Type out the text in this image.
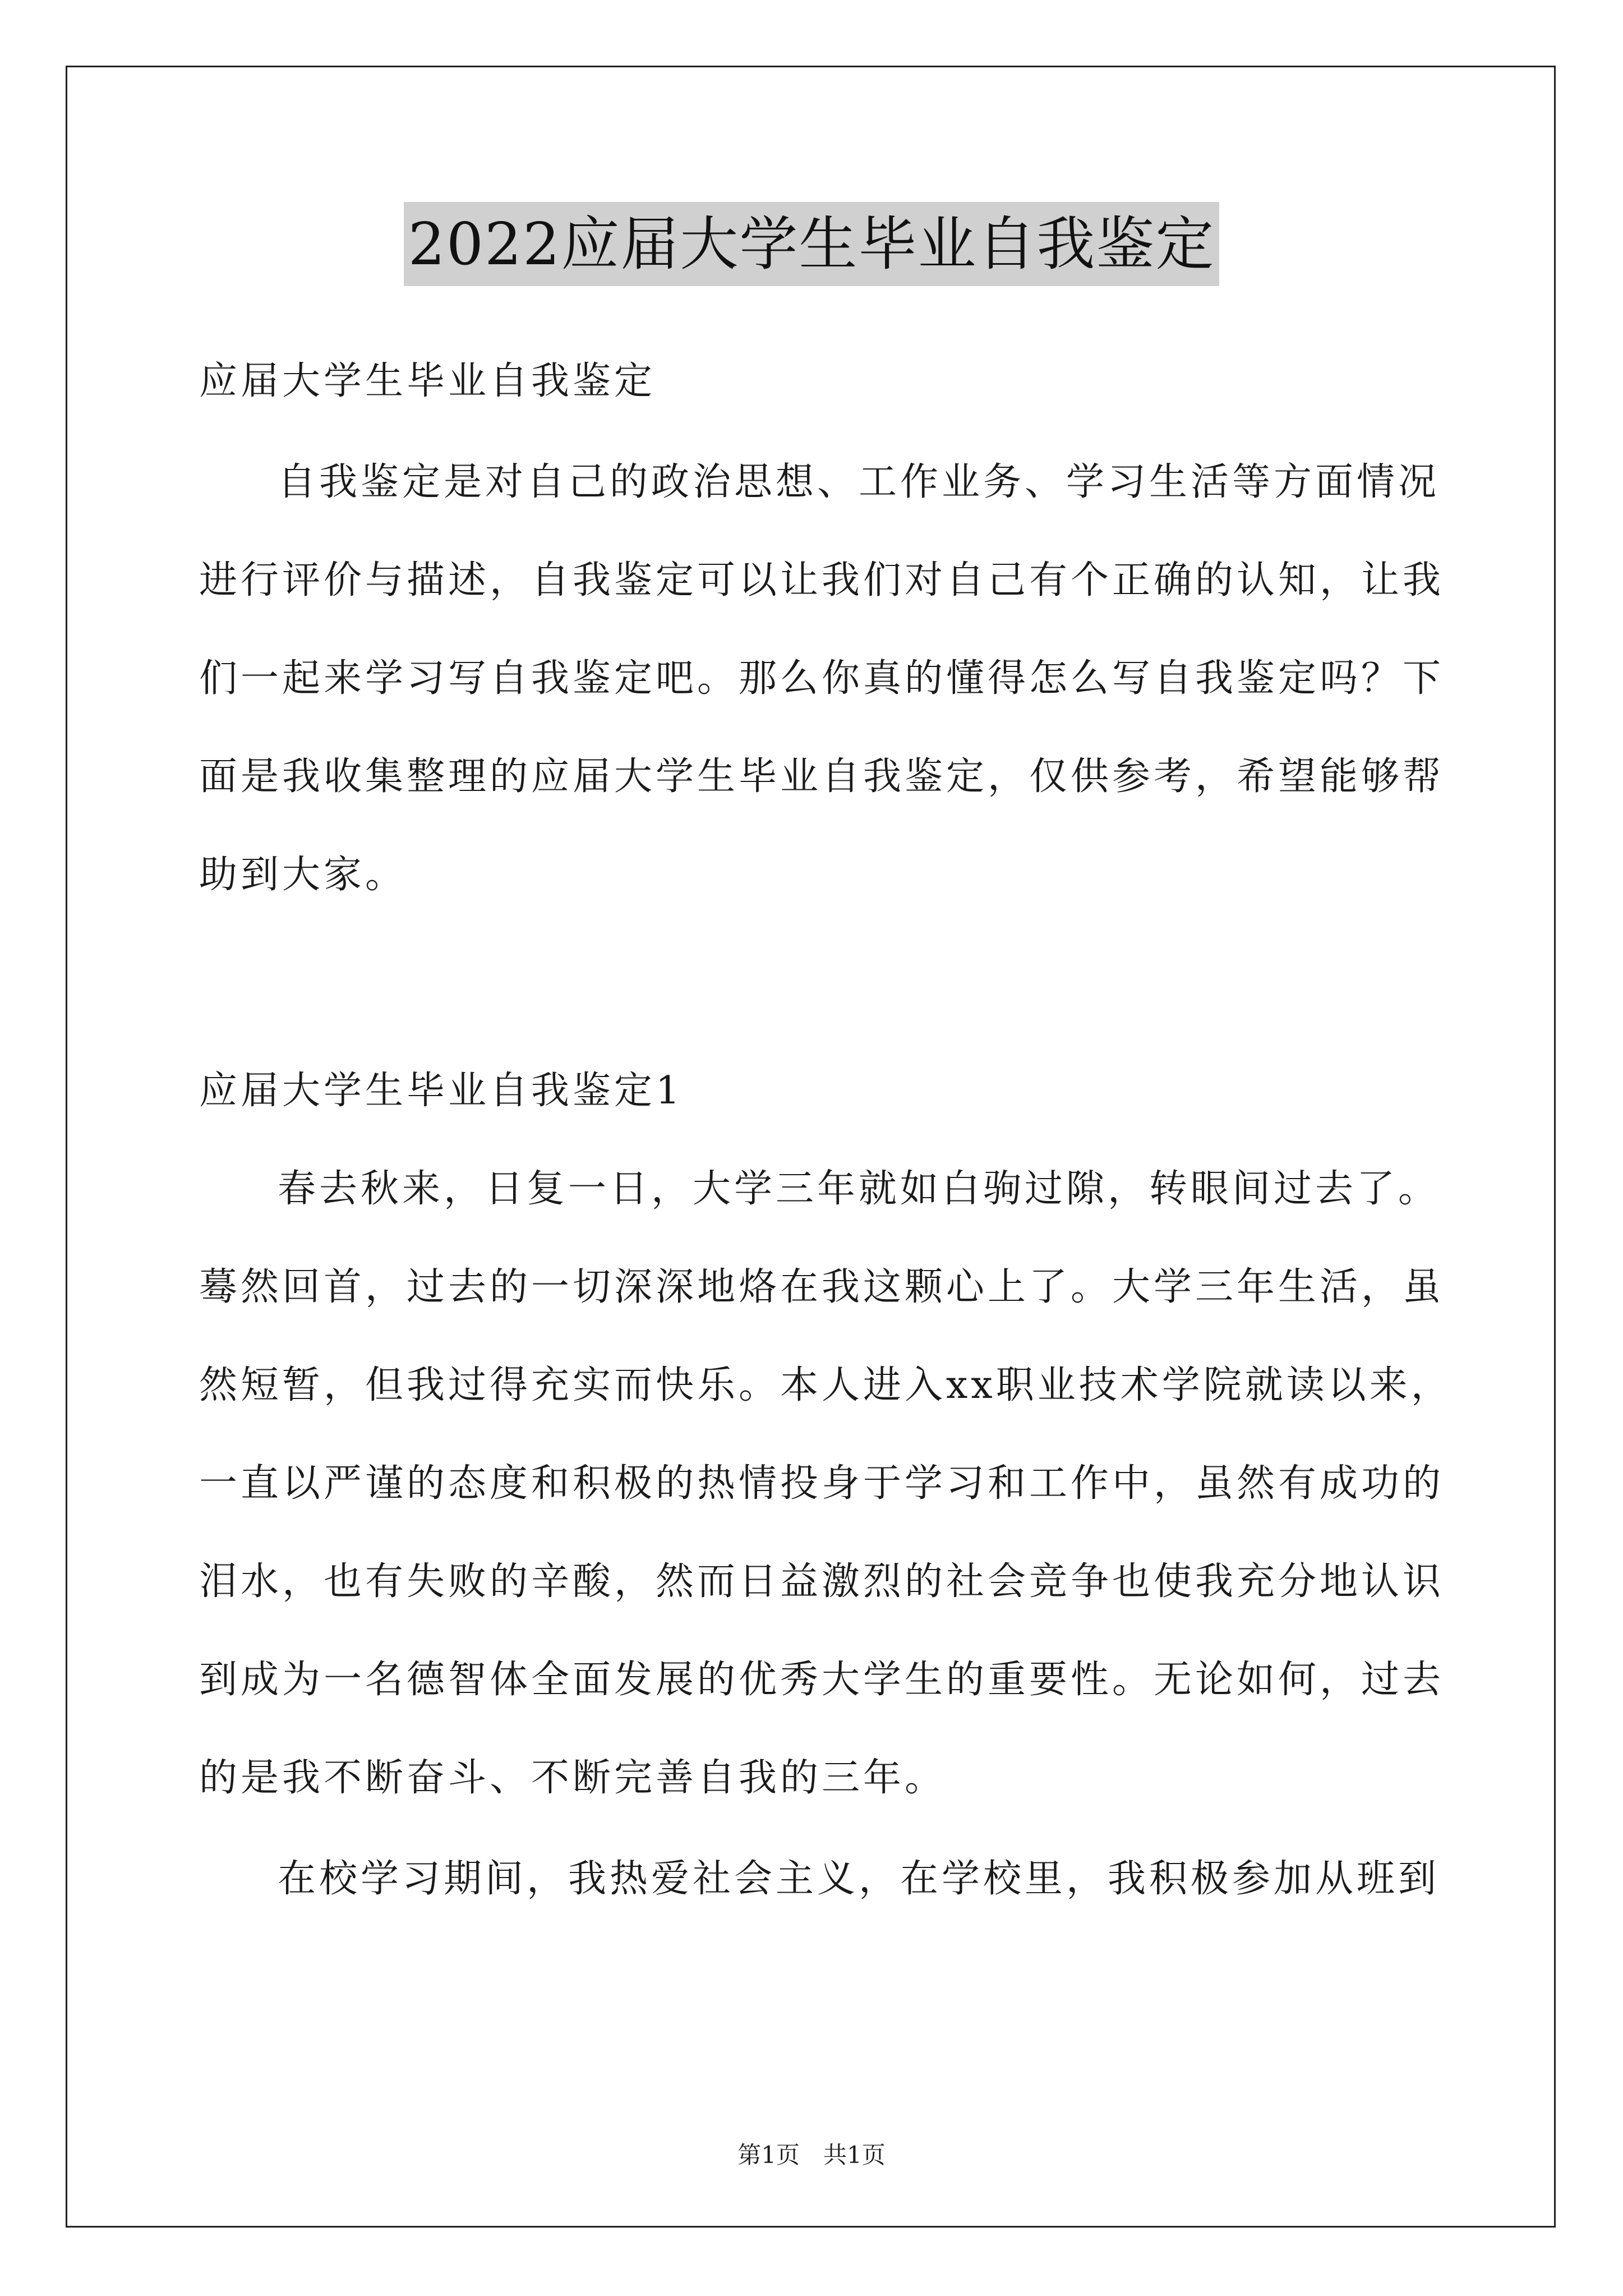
2022应届大学生毕业自我鉴定
应届大学生毕业自我鉴定
自我鉴定是对自己的政治思想、工作业务、学习生活等方面情况
进行评价与描述，自我鉴定可以让我们对自己有个正确的认知，让我
们一起来学习写自我鉴定吧。那么你真的懂得怎么写自我鉴定吗？下
面是我收集整理的应届大学生毕业自我鉴定，仅供参考，希望能够帮
助到大家。
应届大学生毕业自我鉴定1
春去秋来，日复一日，大学三年就如白驹过隙，转眼间过去了。
蓦然回首，过去的一切深深地烙在我这颗心上了。大学三年生活，虽
然短暂，但我过得充实而快乐。本人进入xx职业技术学院就读以来，
一直以严谨的态度和积极的热情投身于学习和工作中，虽然有成功的
泪水，也有失败的辛酸，然而日益激烈的社会竞争也使我充分地认识
到成为一名德智体全面发展的优秀大学生的重要性。无论如何，过去
的是我不断奋斗、不断完善自我的三年。
在校学习期间，我热爱社会主义，在学校里，我积极参加从班到
第1页　共1页
